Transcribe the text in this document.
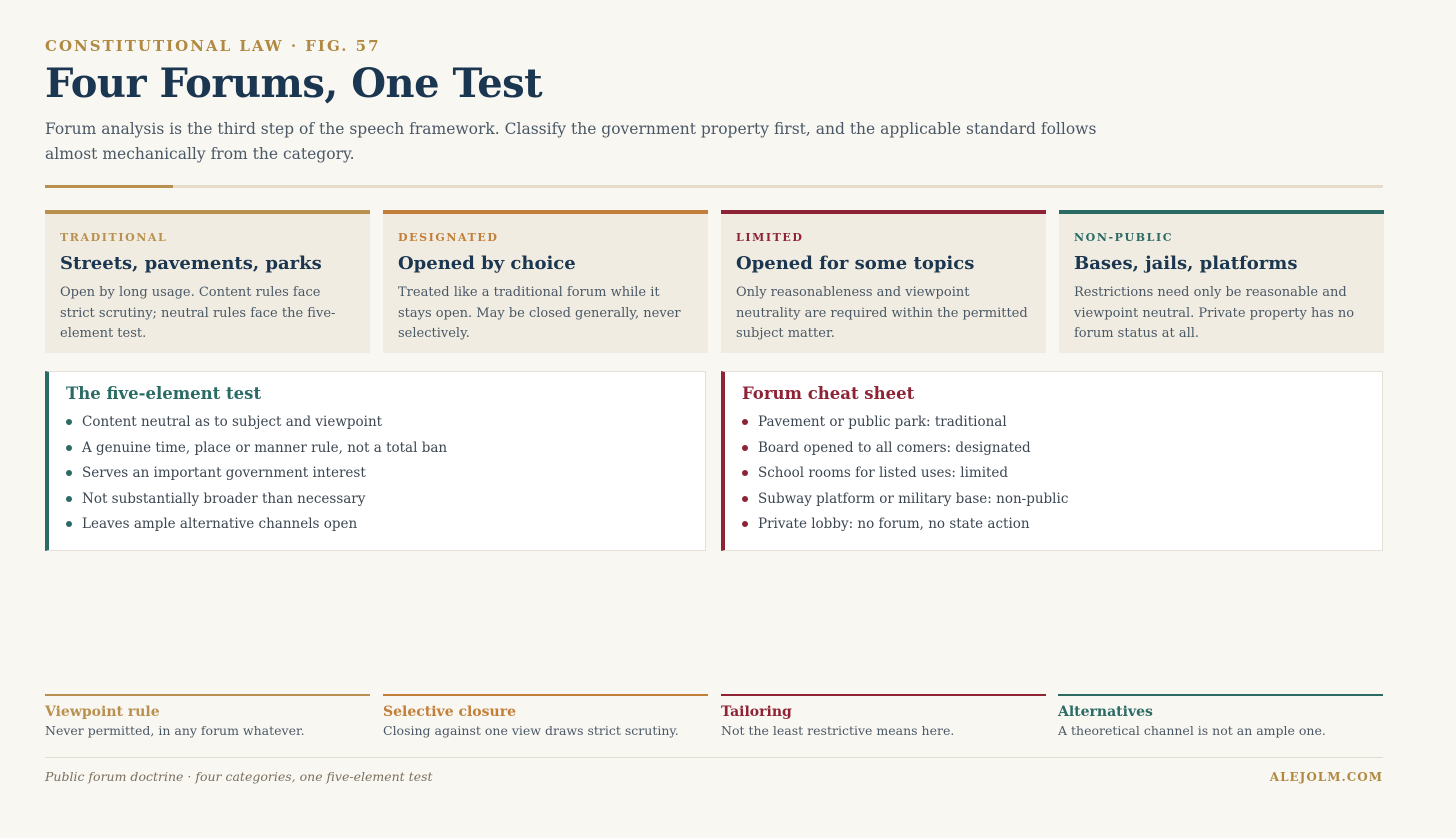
CONSTITUTIONAL LAW · FIG. 57
Four Forums, One Test

Forum analysis is the third step of the speech framework. Classify the government property first, and the applicable standard follows almost mechanically from the category.

TRADITIONAL
Streets, pavements, parks
Open by long usage. Content rules face strict scrutiny; neutral rules face the five-element test.
DESIGNATED
Opened by choice
Treated like a traditional forum while it stays open. May be closed generally, never selectively.
LIMITED
Opened for some topics
Only reasonableness and viewpoint neutrality are required within the permitted subject matter.
NON-PUBLIC
Bases, jails, platforms
Restrictions need only be reasonable and viewpoint neutral. Private property has no forum status at all.
The five-element test
Content neutral as to subject and viewpoint
A genuine time, place or manner rule, not a total ban
Serves an important government interest
Not substantially broader than necessary
Leaves ample alternative channels open
Forum cheat sheet
Pavement or public park: traditional
Board opened to all comers: designated
School rooms for listed uses: limited
Subway platform or military base: non-public
Private lobby: no forum, no state action
Viewpoint rule
Never permitted, in any forum whatever.
Selective closure
Closing against one view draws strict scrutiny.
Tailoring
Not the least restrictive means here.
Alternatives
A theoretical channel is not an ample one.
Public forum doctrine · four categories, one five-element test	ALEJOLM.COM
